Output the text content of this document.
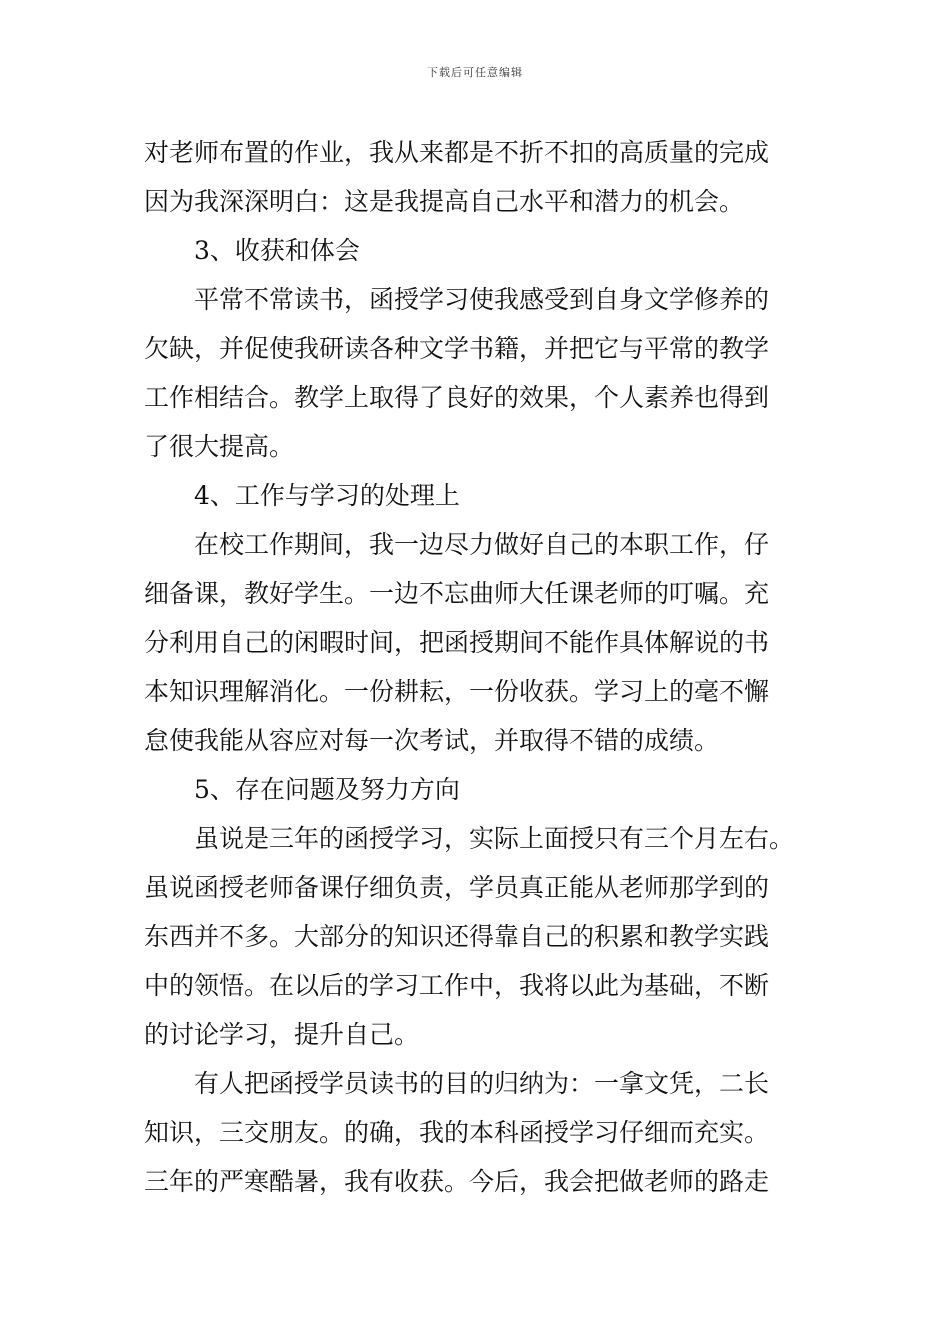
下载后可任意编辑
对老师布置的作业，我从来都是不折不扣的高质量的完成
因为我深深明白：这是我提高自己水平和潜力的机会。
3、收获和体会
平常不常读书，函授学习使我感受到自身文学修养的
欠缺，并促使我研读各种文学书籍，并把它与平常的教学
工作相结合。教学上取得了良好的效果，个人素养也得到
了很大提高。
4、工作与学习的处理上
在校工作期间，我一边尽力做好自己的本职工作，仔
细备课，教好学生。一边不忘曲师大任课老师的叮嘱。充
分利用自己的闲暇时间，把函授期间不能作具体解说的书
本知识理解消化。一份耕耘，一份收获。学习上的毫不懈
怠使我能从容应对每一次考试，并取得不错的成绩。
5、存在问题及努力方向
虽说是三年的函授学习，实际上面授只有三个月左右。
虽说函授老师备课仔细负责，学员真正能从老师那学到的
东西并不多。大部分的知识还得靠自己的积累和教学实践
中的领悟。在以后的学习工作中，我将以此为基础，不断
的讨论学习，提升自己。
有人把函授学员读书的目的归纳为：一拿文凭，二长
知识，三交朋友。的确，我的本科函授学习仔细而充实。
三年的严寒酷暑，我有收获。今后，我会把做老师的路走
